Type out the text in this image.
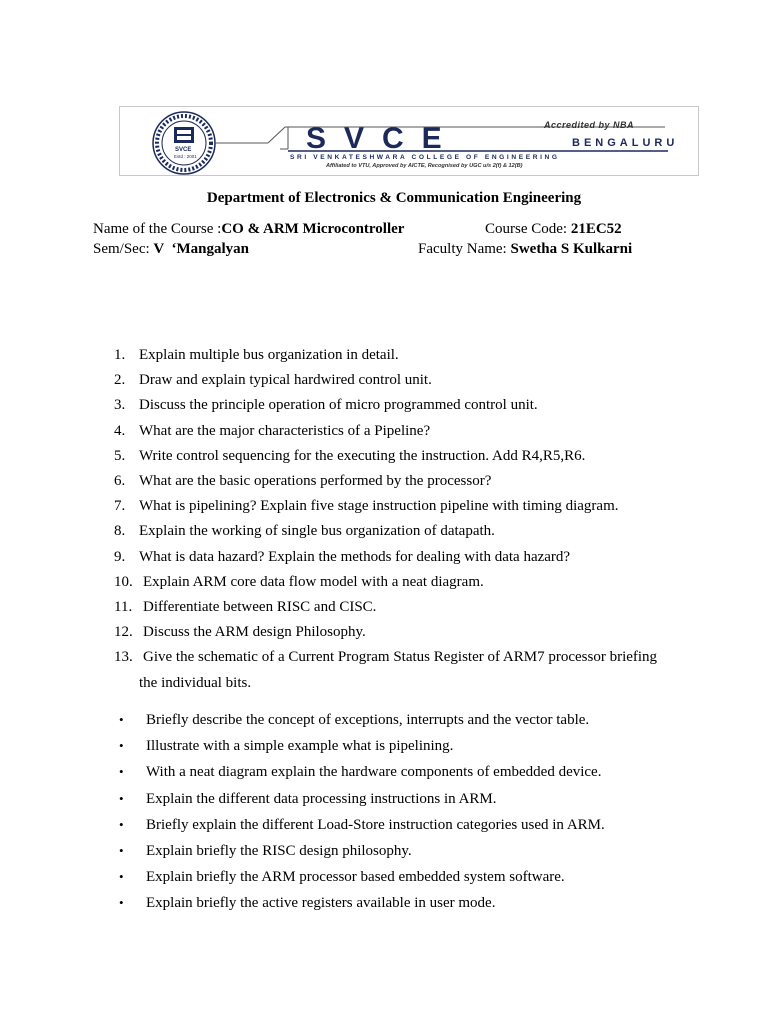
SVCE
Estd : 2001
Accredited by NBA
SVCE	BENGALURU
SRI VENKATESHWARA COLLEGE OF ENGINEERING
Affiliated to VTU, Approved by AICTE, Recognised by UGC u/s 2(f) & 12(B)
Department of Electronics & Communication Engineering
Name of the Course :CO & ARM Microcontroller	Course Code: 21EC52
Sem/Sec: V  ‘Mangalyan	Faculty Name: Swetha S Kulkarni
1. Explain multiple bus organization in detail.
2. Draw and explain typical hardwired control unit.
3. Discuss the principle operation of micro programmed control unit.
4. What are the major characteristics of a Pipeline?
5. Write control sequencing for the executing the instruction. Add R4,R5,R6.
6. What are the basic operations performed by the processor?
7. What is pipelining? Explain five stage instruction pipeline with timing diagram.
8. Explain the working of single bus organization of datapath.
9. What is data hazard? Explain the methods for dealing with data hazard?
10. Explain ARM core data flow model with a neat diagram.
11. Differentiate between RISC and CISC.
12. Discuss the ARM design Philosophy.
13. Give the schematic of a Current Program Status Register of ARM7 processor briefing
the individual bits.
• Briefly describe the concept of exceptions, interrupts and the vector table.
• Illustrate with a simple example what is pipelining.
• With a neat diagram explain the hardware components of embedded device.
• Explain the different data processing instructions in ARM.
• Briefly explain the different Load-Store instruction categories used in ARM.
• Explain briefly the RISC design philosophy.
• Explain briefly the ARM processor based embedded system software.
• Explain briefly the active registers available in user mode.
